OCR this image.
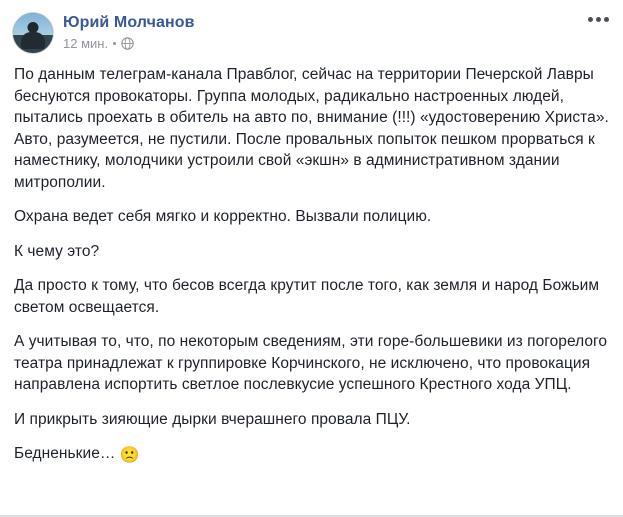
Юрий Молчанов
12 мин.

По данным телеграм-канала Правблог, сейчас на территории Печерской Лавры беснуются провокаторы. Группа молодых, радикально настроенных людей, пытались проехать в обитель на авто по, внимание (!!!) «удостоверению Христа». Авто, разумеется, не пустили. После провальных попыток пешком прорваться к наместнику, молодчики устроили свой «экшн» в административном здании митрополии.

Охрана ведет себя мягко и корректно. Вызвали полицию.

К чему это?

Да просто к тому, что бесов всегда крутит после того, как земля и народ Божьим светом освещается.

А учитывая то, что, по некоторым сведениям, эти горе-большевики из погорелого театра принадлежат к группировке Корчинского, не исключено, что провокация направлена испортить светлое послевкусие успешного Крестного хода УПЦ.

И прикрыть зияющие дырки вчерашнего провала ПЦУ.

Бедненькие… 🙁
